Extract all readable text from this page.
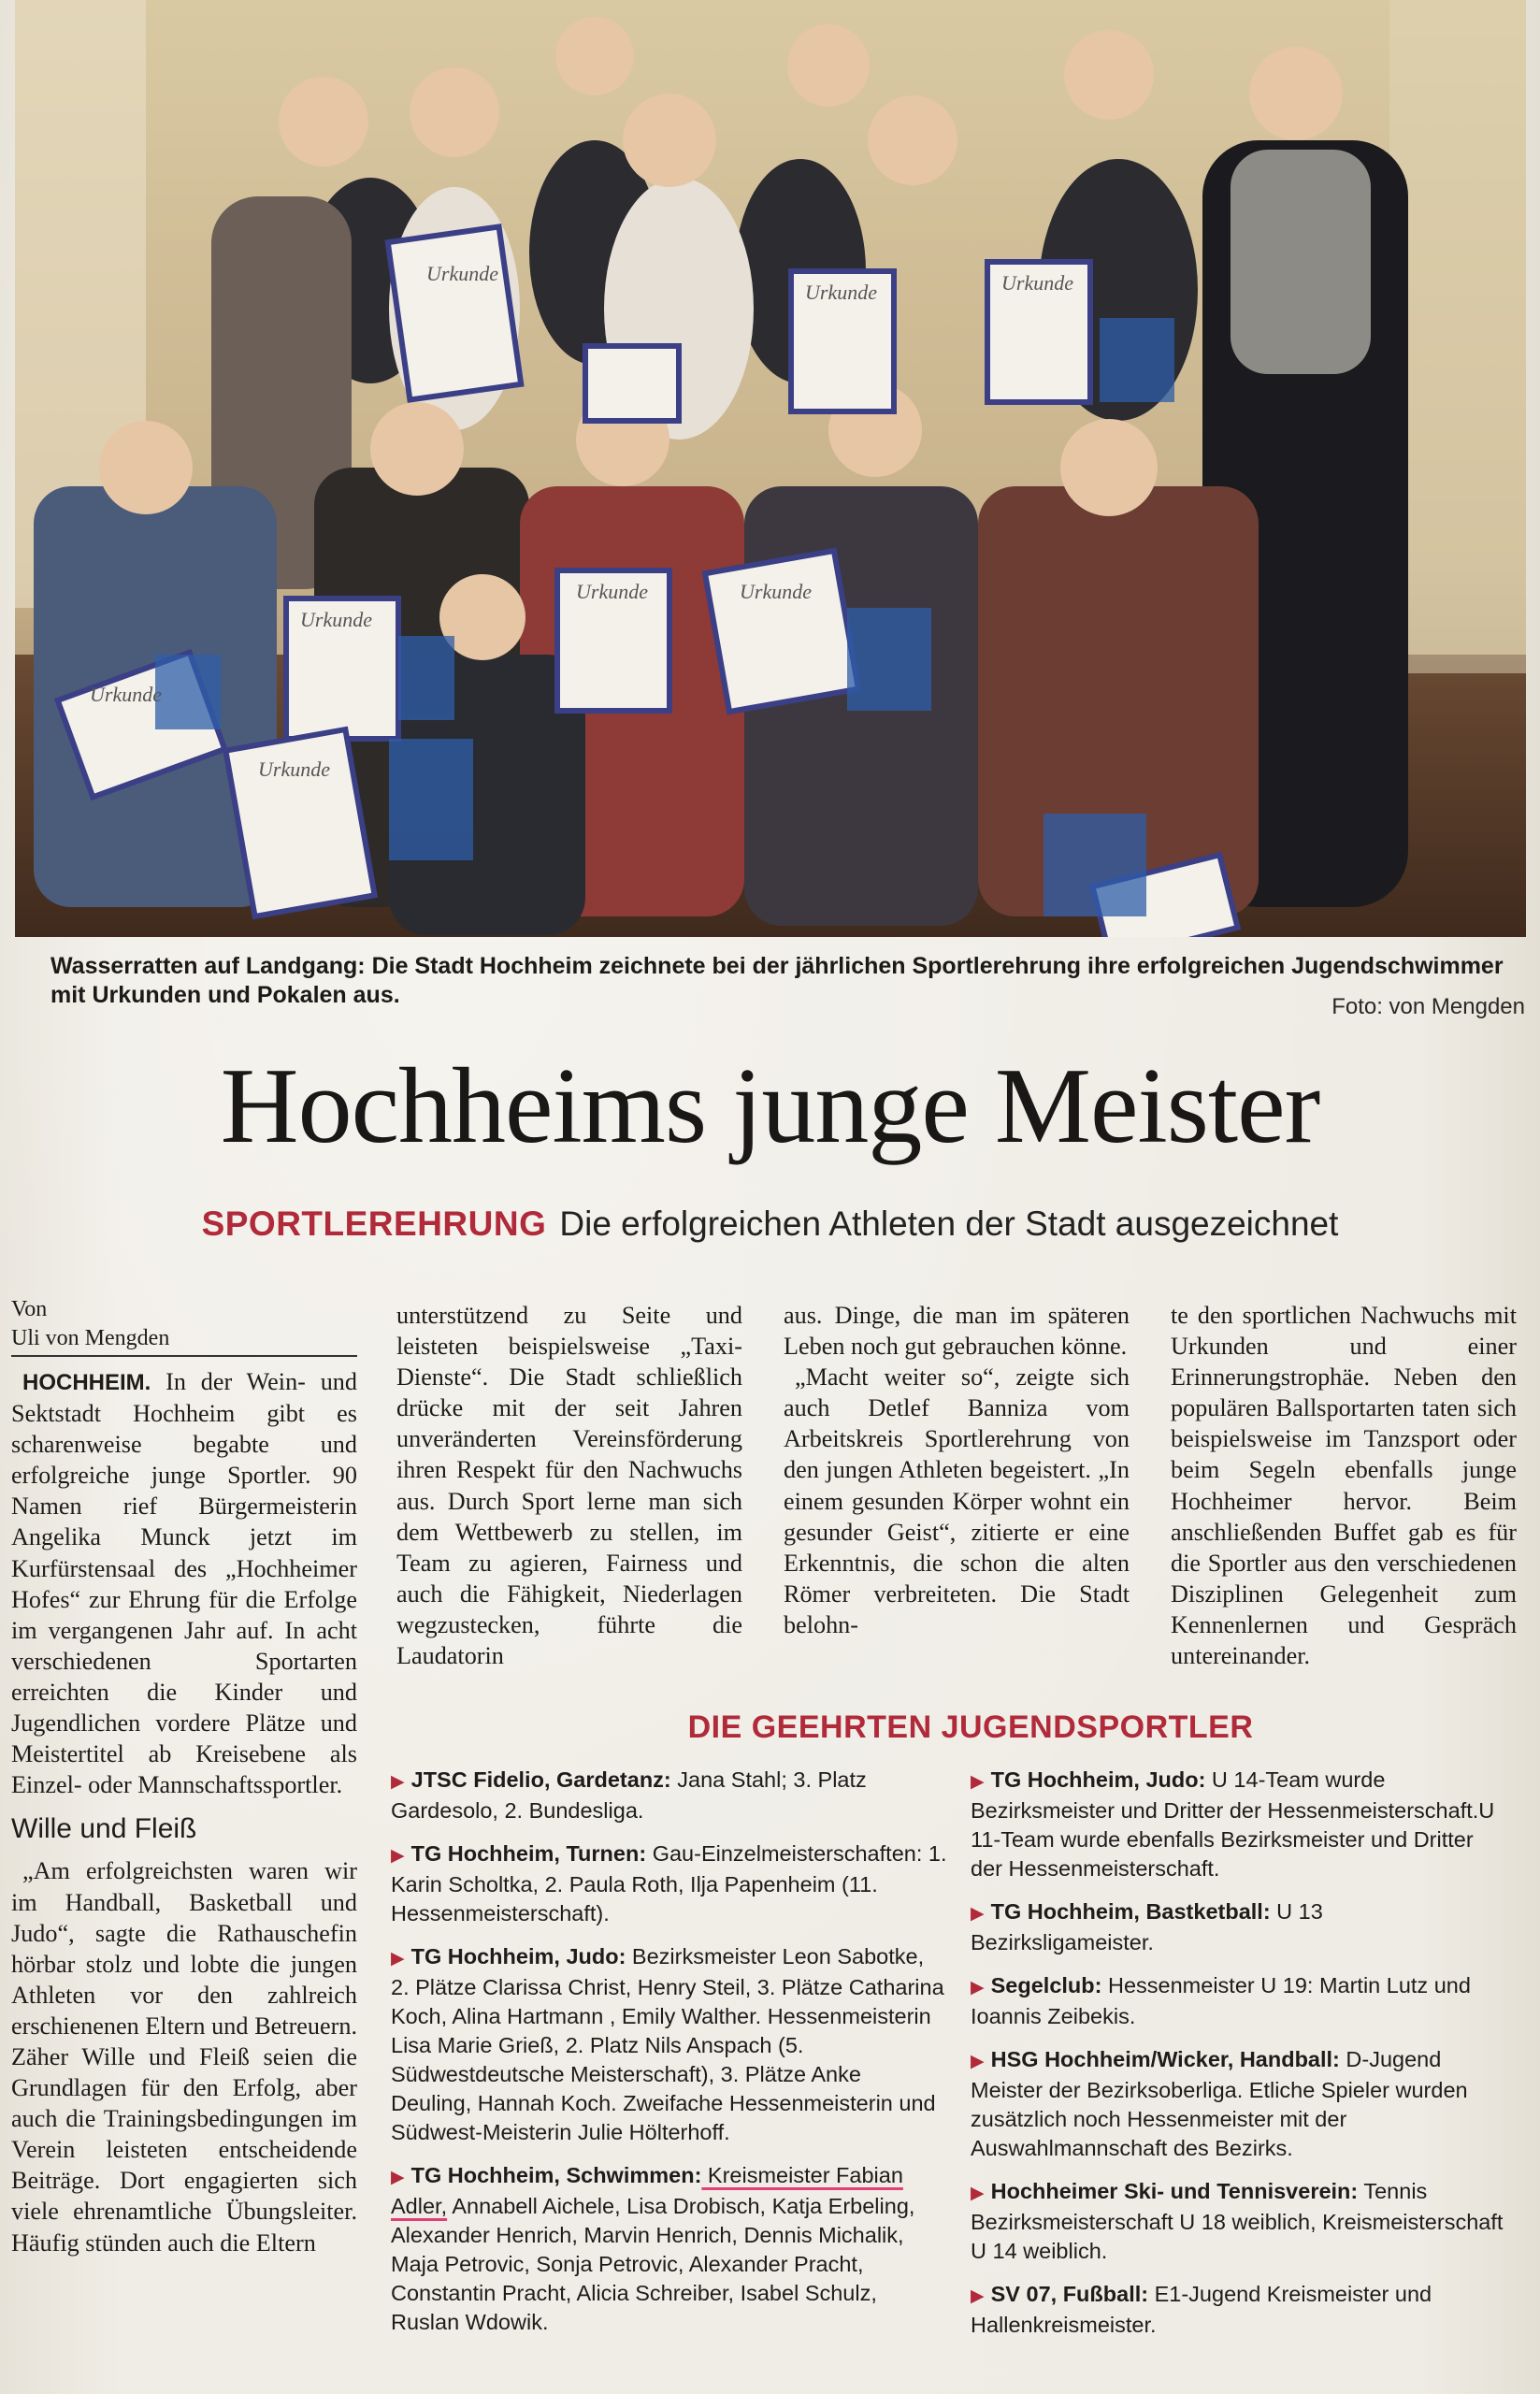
Urkunde
Urkunde	Urkunde
Urkunde
Urkunde	Urkunde
Urkunde
Urkunde
Wasserratten auf Landgang: Die Stadt Hochheim zeichnete bei der jährlichen Sportlerehrung ihre erfolgreichen Jugendschwimmer mit Urkunden und Pokalen aus.	Foto: von Mengden
Hochheims junge Meister
SPORTLEREHRUNG Die erfolgreichen Athleten der Stadt ausgezeichnet
Von
Uli von Mengden

HOCHHEIM. In der Wein- und Sektstadt Hochheim gibt es scharenweise begabte und erfolgreiche junge Sportler. 90 Namen rief Bürgermeisterin Angelika Munck jetzt im Kurfürstensaal des „Hochheimer Hofes“ zur Ehrung für die Erfolge im vergangenen Jahr auf. In acht verschiedenen Sportarten erreichten die Kinder und Jugendlichen vordere Plätze und Meistertitel ab Kreisebene als Einzel- oder Mannschaftssportler.

Wille und Fleiß

„Am erfolgreichsten waren wir im Handball, Basketball und Judo“, sagte die Rathauschefin hörbar stolz und lobte die jungen Athleten vor den zahlreich erschienenen Eltern und Betreuern. Zäher Wille und Fleiß seien die Grundlagen für den Erfolg, aber auch die Trainingsbedingungen im Verein leisteten entscheidende Beiträge. Dort engagierten sich viele ehrenamtliche Übungsleiter. Häufig stünden auch die Eltern

unterstützend zu Seite und leisteten beispielsweise „Taxi-Dienste“. Die Stadt schließlich drücke mit der seit Jahren unveränderten Vereinsförderung ihren Respekt für den Nachwuchs aus. Durch Sport lerne man sich dem Wettbewerb zu stellen, im Team zu agieren, Fairness und auch die Fähigkeit, Niederlagen wegzustecken, führte die Laudatorin

aus. Dinge, die man im späteren Leben noch gut gebrauchen könne.

„Macht weiter so“, zeigte sich auch Detlef Banniza vom Arbeitskreis Sportlerehrung von den jungen Athleten begeistert. „In einem gesunden Körper wohnt ein gesunder Geist“, zitierte er eine Erkenntnis, die schon die alten Römer verbreiteten. Die Stadt belohn-

te den sportlichen Nachwuchs mit Urkunden und einer Erinnerungstrophäe. Neben den populären Ballsportarten taten sich beispielsweise im Tanzsport oder beim Segeln ebenfalls junge Hochheimer hervor. Beim anschließenden Buffet gab es für die Sportler aus den verschiedenen Disziplinen Gelegenheit zum Kennenlernen und Gespräch untereinander.

DIE GEEHRTEN JUGENDSPORTLER
▶ JTSC Fidelio, Gardetanz: Jana Stahl; 3. Platz Gardesolo, 2. Bundesliga.
▶ TG Hochheim, Turnen: Gau-Einzelmeisterschaften: 1. Karin Scholtka, 2. Paula Roth, Ilja Papenheim (11. Hessenmeisterschaft).
▶ TG Hochheim, Judo: Bezirksmeister Leon Sabotke, 2. Plätze Clarissa Christ, Henry Steil, 3. Plätze Catharina Koch, Alina Hartmann , Emily Walther. Hessenmeisterin Lisa Marie Grieß, 2. Platz Nils Anspach (5. Südwestdeutsche Meisterschaft), 3. Plätze Anke Deuling, Hannah Koch. Zweifache Hessenmeisterin und Südwest-Meisterin Julie Hölterhoff.
▶ TG Hochheim, Schwimmen: Kreismeister Fabian Adler, Annabell Aichele, Lisa Drobisch, Katja Erbeling, Alexander Henrich, Marvin Henrich, Dennis Michalik, Maja Petrovic, Sonja Petrovic, Alexander Pracht, Constantin Pracht, Alicia Schreiber, Isabel Schulz, Ruslan Wdowik.
▶ TG Hochheim, Judo: U 14-Team wurde Bezirksmeister und Dritter der Hessenmeisterschaft.U 11-Team wurde ebenfalls Bezirksmeister und Dritter der Hessenmeisterschaft.
▶ TG Hochheim, Bastketball: U 13 Bezirksligameister.
▶ Segelclub: Hessenmeister U 19: Martin Lutz und Ioannis Zeibekis.
▶ HSG Hochheim/Wicker, Handball: D-Jugend Meister der Bezirksoberliga. Etliche Spieler wurden zusätzlich noch Hessenmeister mit der Auswahlmannschaft des Bezirks.
▶ Hochheimer Ski- und Tennisverein: Tennis Bezirksmeisterschaft U 18 weiblich, Kreismeisterschaft U 14 weiblich.
▶ SV 07, Fußball: E1-Jugend Kreismeister und Hallenkreismeister.
